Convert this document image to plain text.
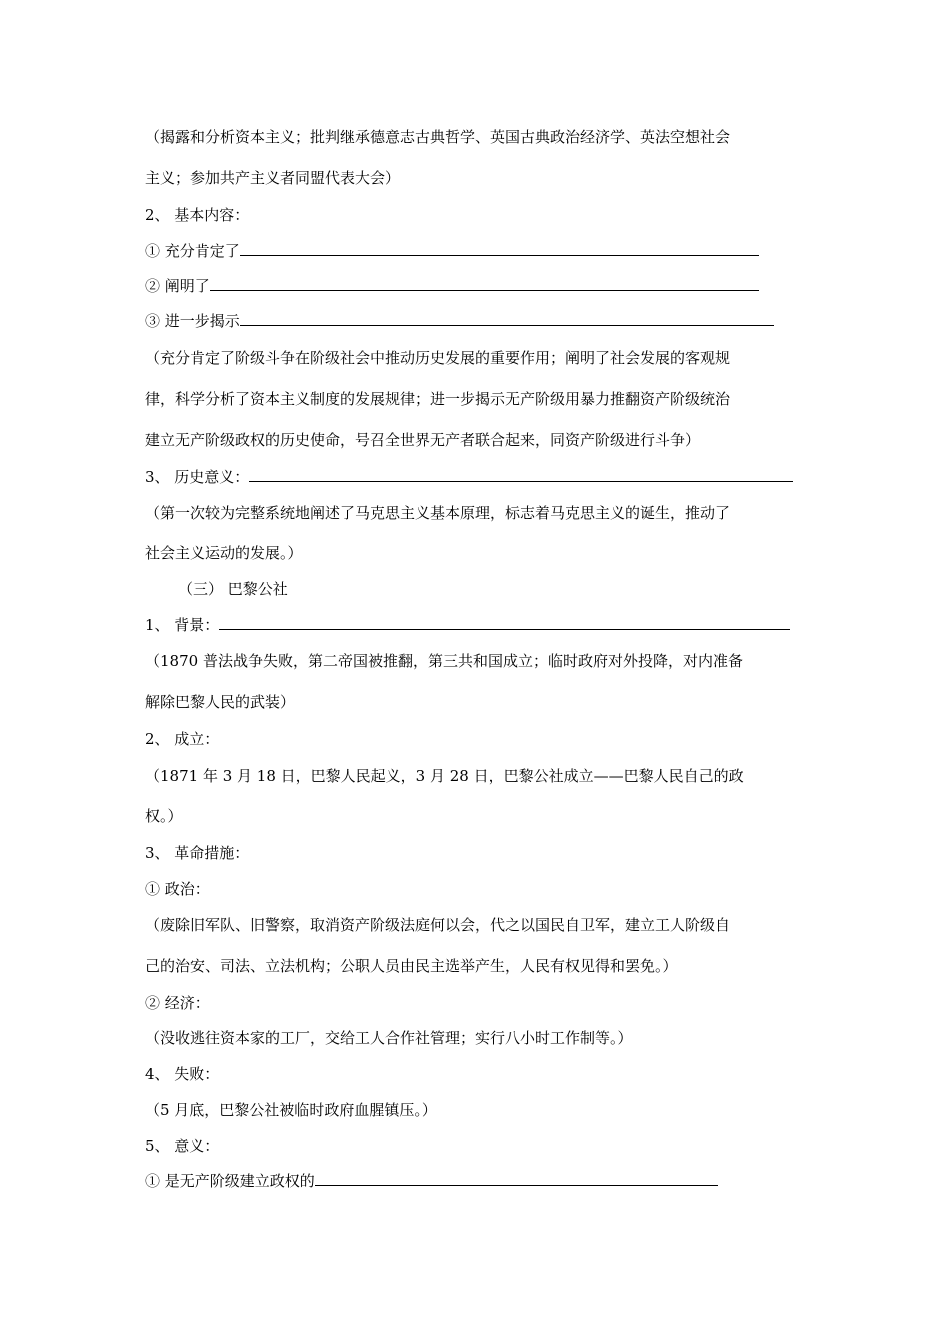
（揭露和分析资本主义；批判继承德意志古典哲学、英国古典政治经济学、英法空想社会
主义；参加共产主义者同盟代表大会）
2、 基本内容：
① 充分肯定了
② 阐明了
③ 进一步揭示
（充分肯定了阶级斗争在阶级社会中推动历史发展的重要作用；阐明了社会发展的客观规
律，科学分析了资本主义制度的发展规律；进一步揭示无产阶级用暴力推翻资产阶级统治
建立无产阶级政权的历史使命，号召全世界无产者联合起来，同资产阶级进行斗争）
3、 历史意义：
（第一次较为完整系统地阐述了马克思主义基本原理，标志着马克思主义的诞生，推动了
社会主义运动的发展。）
（三） 巴黎公社
1、 背景：
（1870 普法战争失败，第二帝国被推翻，第三共和国成立；临时政府对外投降，对内准备
解除巴黎人民的武装）
2、 成立：
（1871 年 3 月 18 日，巴黎人民起义，3 月 28 日，巴黎公社成立——巴黎人民自己的政
权。）
3、 革命措施：
① 政治：
（废除旧军队、旧警察，取消资产阶级法庭何以会，代之以国民自卫军，建立工人阶级自
己的治安、司法、立法机构；公职人员由民主选举产生，人民有权见得和罢免。）
② 经济：
（没收逃往资本家的工厂，交给工人合作社管理；实行八小时工作制等。）
4、 失败：
（5 月底，巴黎公社被临时政府血腥镇压。）
5、 意义：
① 是无产阶级建立政权的
